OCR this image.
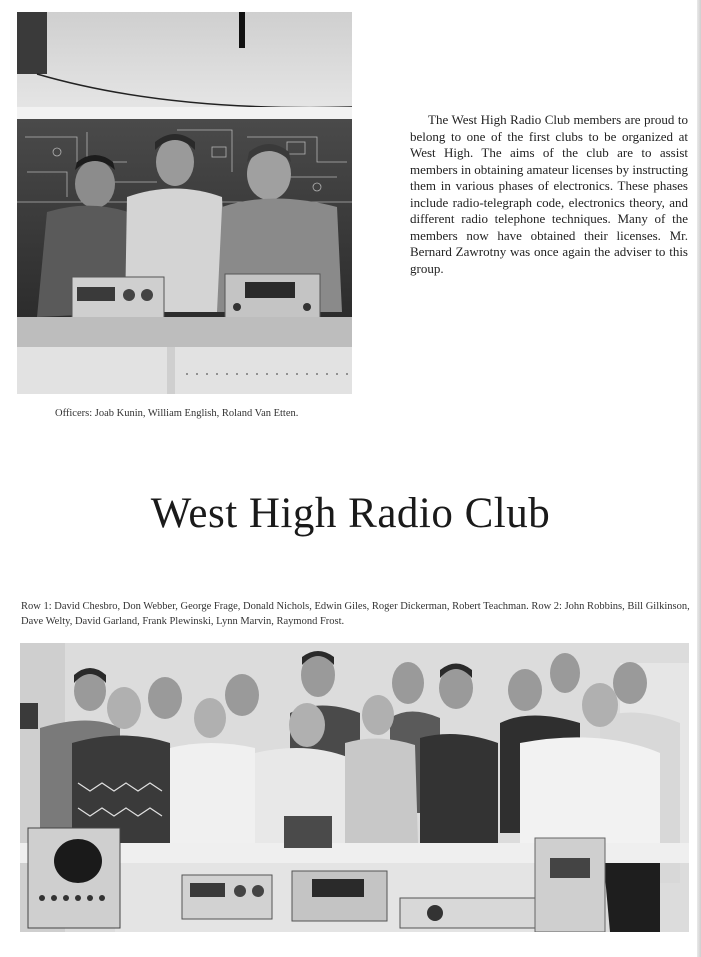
Officers: Joab Kunin, William English, Roland Van Etten.

The West High Radio Club members are proud to belong to one of the first clubs to be organized at West High. The aims of the club are to assist members in obtaining amateur licenses by instructing them in various phases of electronics. These phases include radio-telegraph code, electronics theory, and different radio telephone techniques. Many of the members now have obtained their licenses. Mr. Bernard Zawrotny was once again the adviser to this group.

West High Radio Club

Row 1: David Chesbro, Don Webber, George Frage, Donald Nichols, Edwin Giles, Roger Dickerman, Robert Teachman. Row 2: John Robbins, Bill Gilkinson, Dave Welty, David Garland, Frank Plewinski, Lynn Marvin, Raymond Frost.
